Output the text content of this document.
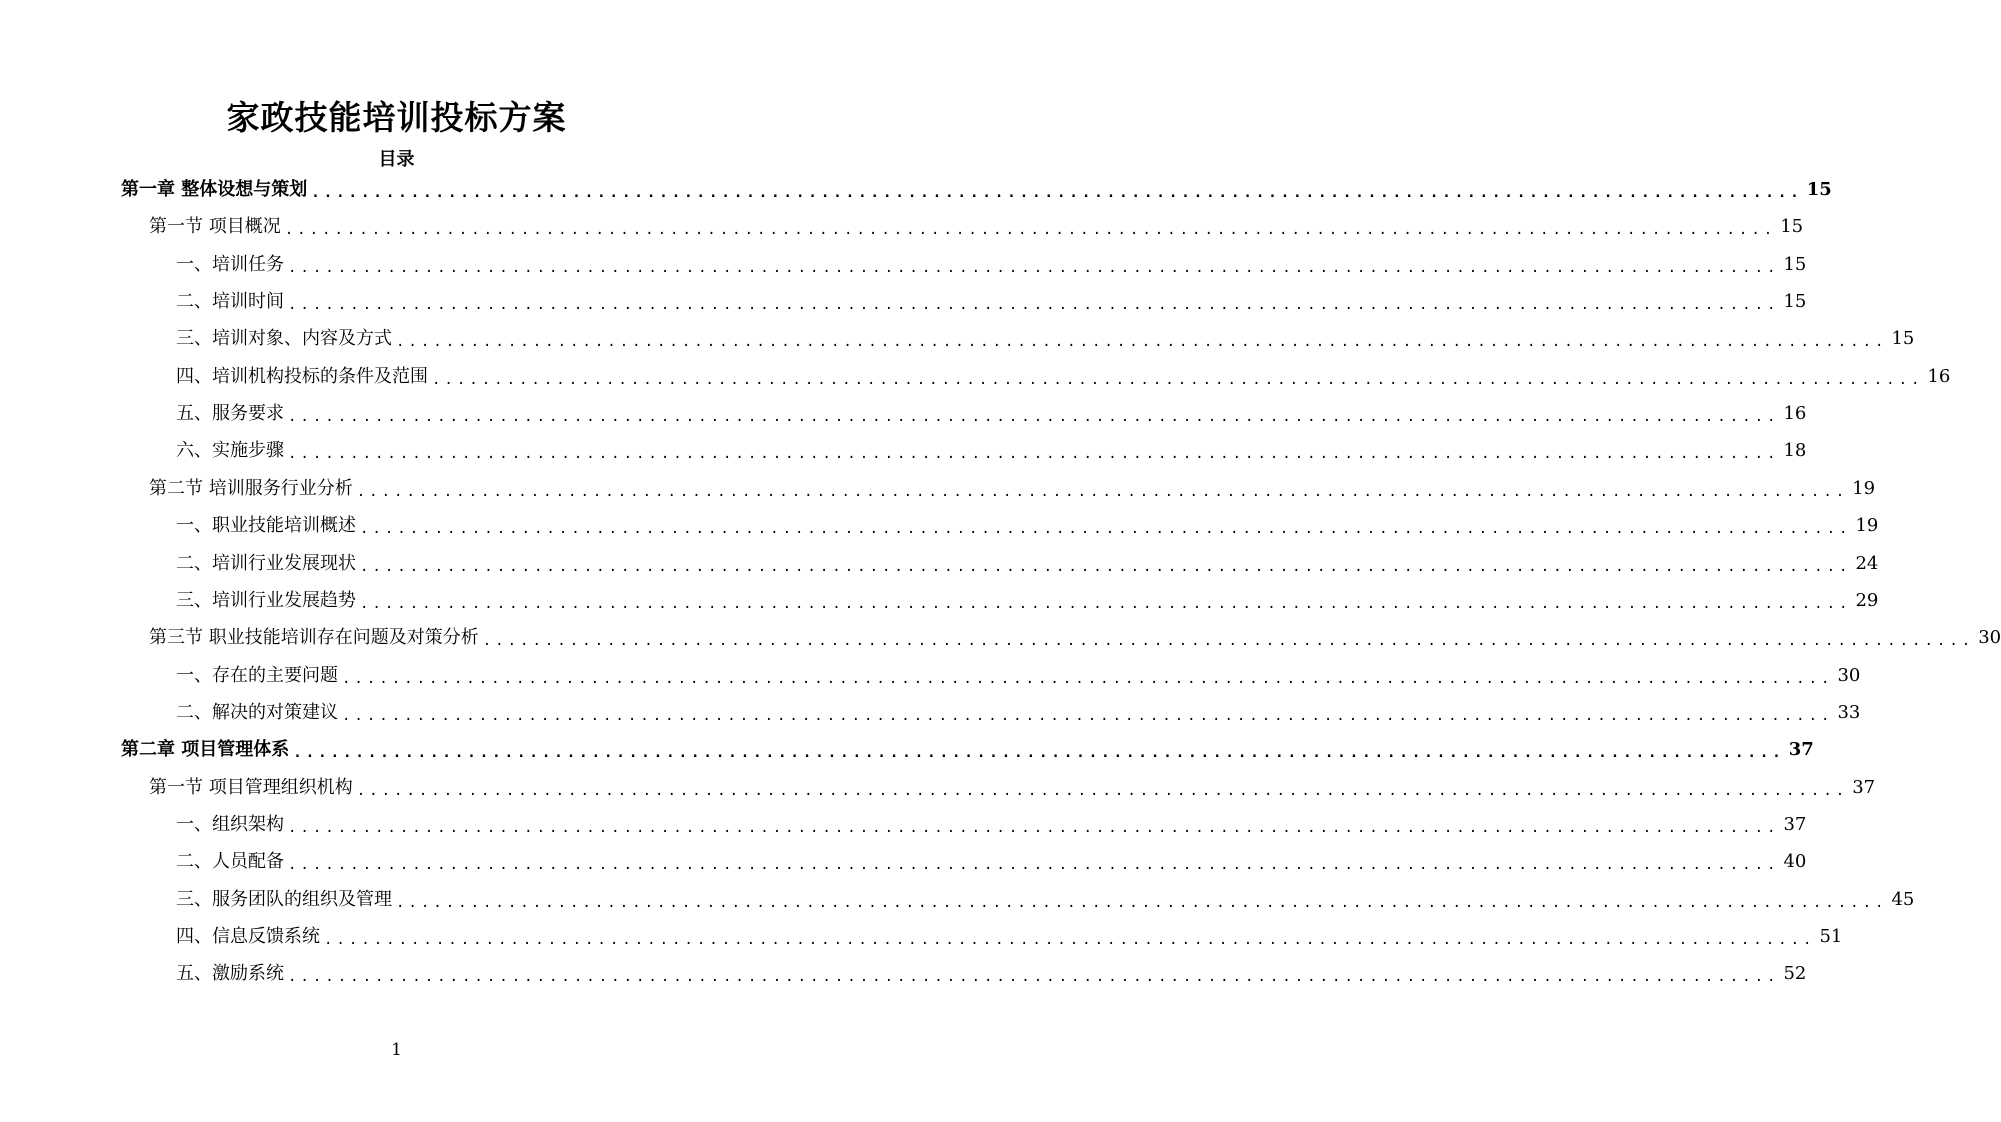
家政技能培训投标方案
目录
第一章 整体设想与策划 ........................................................................................................................ 15
第一节 项目概况 ........................................................................................................................ 15
一、培训任务 ........................................................................................................................ 15
二、培训时间 ........................................................................................................................ 15
三、培训对象、内容及方式 ........................................................................................................................ 15
四、培训机构投标的条件及范围 ........................................................................................................................ 16
五、服务要求 ........................................................................................................................ 16
六、实施步骤 ........................................................................................................................ 18
第二节 培训服务行业分析 ........................................................................................................................ 19
一、职业技能培训概述 ........................................................................................................................ 19
二、培训行业发展现状 ........................................................................................................................ 24
三、培训行业发展趋势 ........................................................................................................................ 29
第三节 职业技能培训存在问题及对策分析 ........................................................................................................................ 30
一、存在的主要问题 ........................................................................................................................ 30
二、解决的对策建议 ........................................................................................................................ 33
第二章 项目管理体系 ........................................................................................................................ 37
第一节 项目管理组织机构 ........................................................................................................................ 37
一、组织架构 ........................................................................................................................ 37
二、人员配备 ........................................................................................................................ 40
三、服务团队的组织及管理 ........................................................................................................................ 45
四、信息反馈系统 ........................................................................................................................ 51
五、激励系统 ........................................................................................................................ 52
1
